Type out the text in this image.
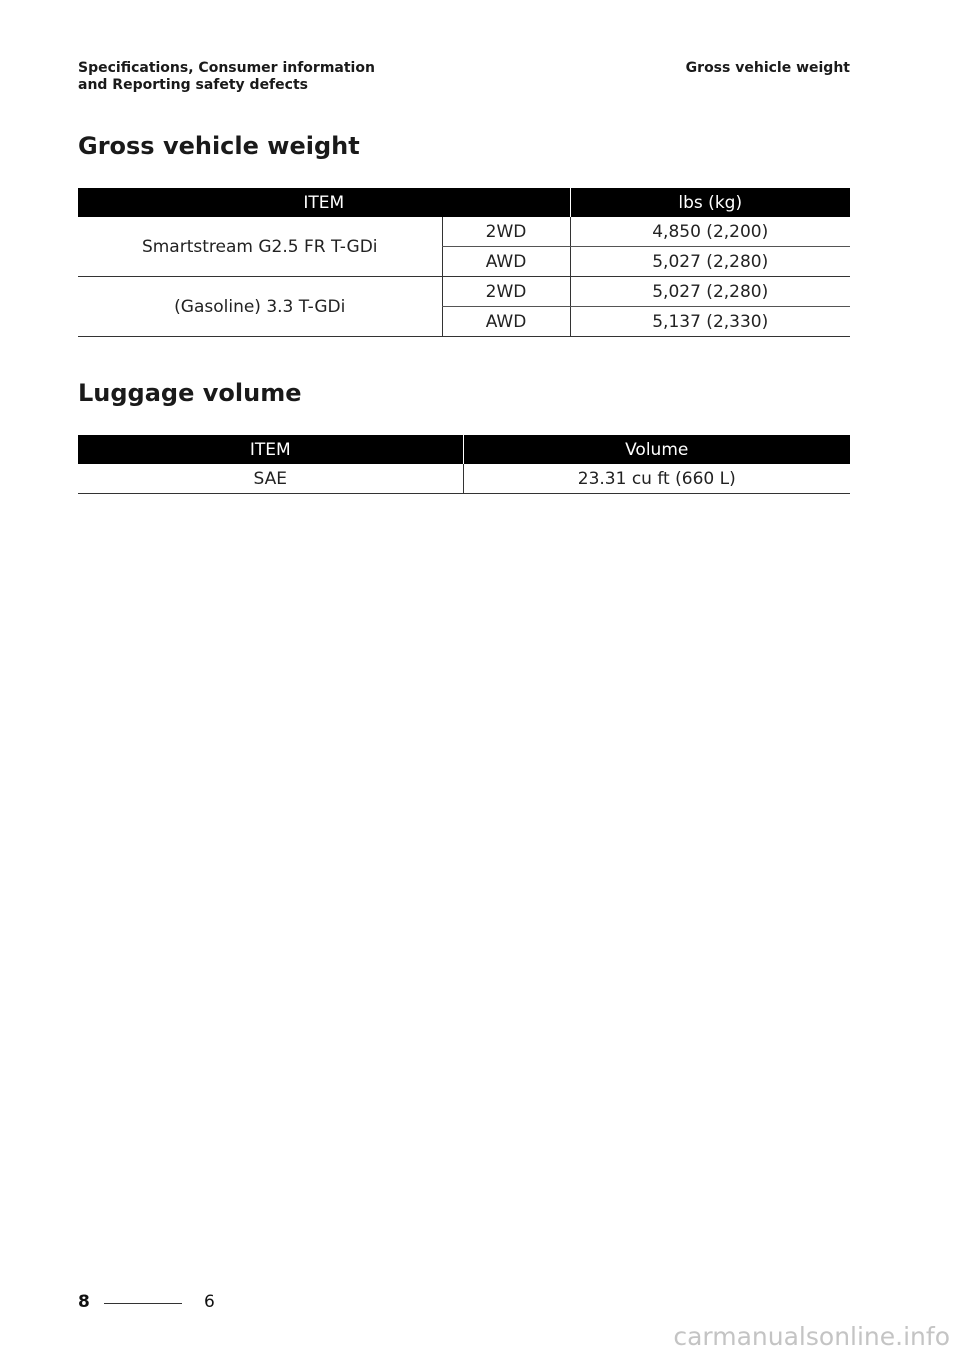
Specifications, Consumer information
and Reporting safety defects
Gross vehicle weight
Gross vehicle weight
ITEM		lbs (kg)
Smartstream G2.5 FR T-GDi	2WD	4,850 (2,200)
	AWD	5,027 (2,280)
(Gasoline) 3.3 T-GDi	2WD	5,027 (2,280)
	AWD	5,137 (2,330)
Luggage volume
ITEM	Volume
SAE	23.31 cu ft (660 L)
8	6
carmanualsonline.info
